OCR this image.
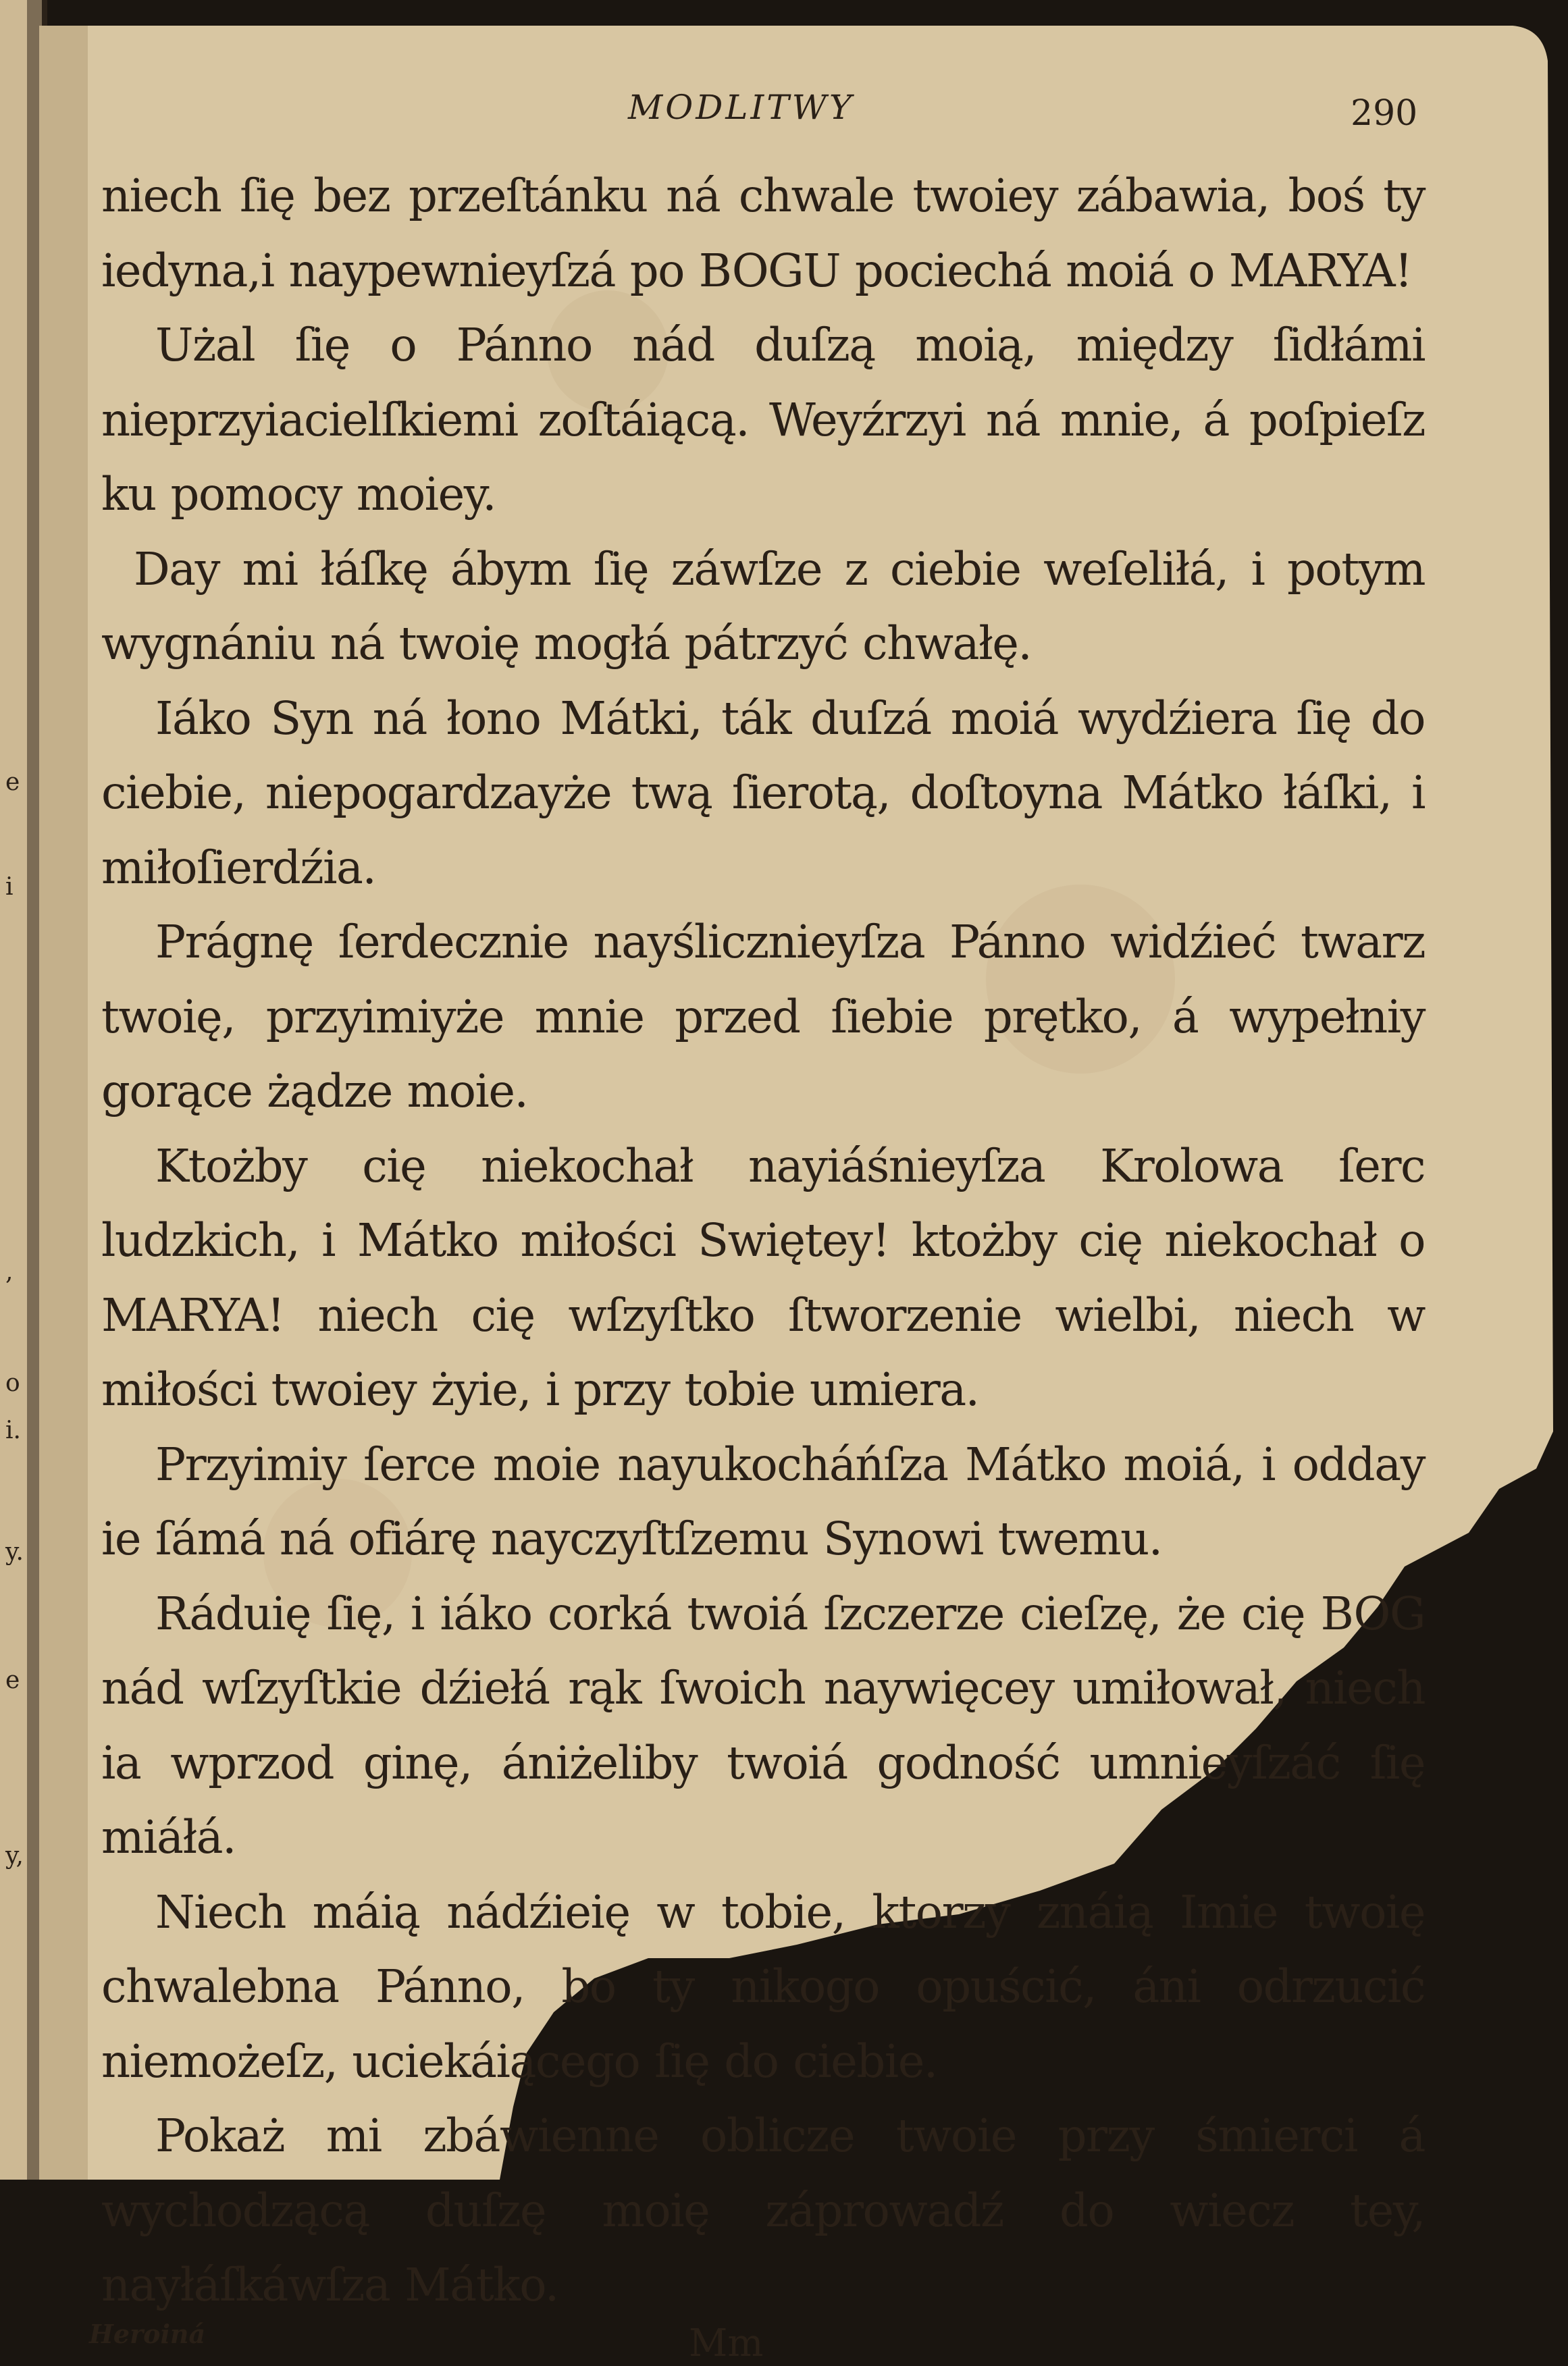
e
i
,
o
i.
y.
e
y,
MODLITWY	290

niech ſię bez przeſtánku ná chwale twoiey zábawia, boś ty iedyna,i naypewnieyſzá po BOGU pociechá moiá o MARYA!

Użal ſię o Pánno nád duſzą moią, między ſidłámi nieprzyiacielſkiemi zoſtáiącą. Weyźrzyi ná mnie, á poſpieſz ku pomocy moiey.

Day mi łáſkę ábym ſię záwſze z ciebie weſeliłá, i potym wygnániu ná twoię mogłá pátrzyć chwałę.

Iáko Syn ná łono Mátki, ták duſzá moiá wydźiera ſię do ciebie, niepogardzayże twą ſierotą, doſtoyna Mátko łáſki, i miłoſierdźia.

Prágnę ſerdecznie nayślicznieyſza Pánno widźieć twarz twoię, przyimiyże mnie przed ſiebie prętko, á wypełniy gorące żądze moie.

Ktożby cię niekochał nayiáśnieyſza Krolowa ſerc ludzkich, i Mátko miłości Swiętey! ktożby cię niekochał o MARYA! niech cię wſzyſtko ſtworzenie wielbi, niech w miłości twoiey żyie, i przy tobie umiera.

Przyimiy ſerce moie nayukocháńſza Mátko moiá, i odday ie ſámá ná ofiárę nayczyſtſzemu Synowi twemu.

Ráduię ſię, i iáko corká twoiá ſzczerze cieſzę, że cię BOG nád wſzyſtkie dźiełá rąk ſwoich naywięcey umiłował, niech ia wprzod ginę, ániżeliby twoiá godność umnieyſzáć ſię miáłá.

Niech máią nádźieię w tobie, ktorzy znáią Imie twoię chwalebna Pánno, bo ty nikogo opuścić, áni odrzucić niemożeſz, uciekáiącego ſię do ciebie.

Pokaż mi zbáwienne oblicze twoie przy śmierci á wychodzącą duſzę moię záprowadź do wiecz tey, nayłáſkáwſza Mátko.

Heroiná	Mm
